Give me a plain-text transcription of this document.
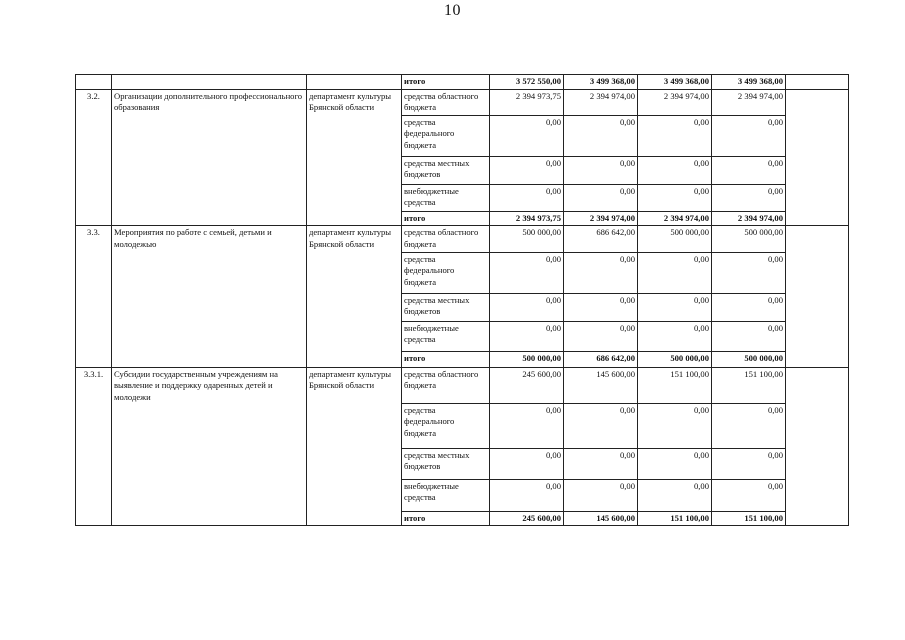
10
			итого	3 572 550,00	3 499 368,00	3 499 368,00	3 499 368,00	
3.2.	Организации дополнительного профессионального образования	департамент культуры Брянской области	средства областного бюджета	2 394 973,75	2 394 974,00	2 394 974,00	2 394 974,00	
			средства федерального бюджета	0,00	0,00	0,00	0,00	
			средства местных бюджетов	0,00	0,00	0,00	0,00	
			внебюджетные средства	0,00	0,00	0,00	0,00	
			итого	2 394 973,75	2 394 974,00	2 394 974,00	2 394 974,00	
3.3.	Мероприятия по работе с семьей, детьми и молодежью	департамент культуры Брянской области	средства областного бюджета	500 000,00	686 642,00	500 000,00	500 000,00	
			средства федерального бюджета	0,00	0,00	0,00	0,00	
			средства местных бюджетов	0,00	0,00	0,00	0,00	
			внебюджетные средства	0,00	0,00	0,00	0,00	
			итого	500 000,00	686 642,00	500 000,00	500 000,00	
3.3.1.	Субсидии государственным учреждениям на выявление и поддержку одаренных детей и молодежи	департамент культуры Брянской области	средства областного бюджета	245 600,00	145 600,00	151 100,00	151 100,00	
			средства федерального бюджета	0,00	0,00	0,00	0,00	
			средства местных бюджетов	0,00	0,00	0,00	0,00	
			внебюджетные средства	0,00	0,00	0,00	0,00	
			итого	245 600,00	145 600,00	151 100,00	151 100,00	
